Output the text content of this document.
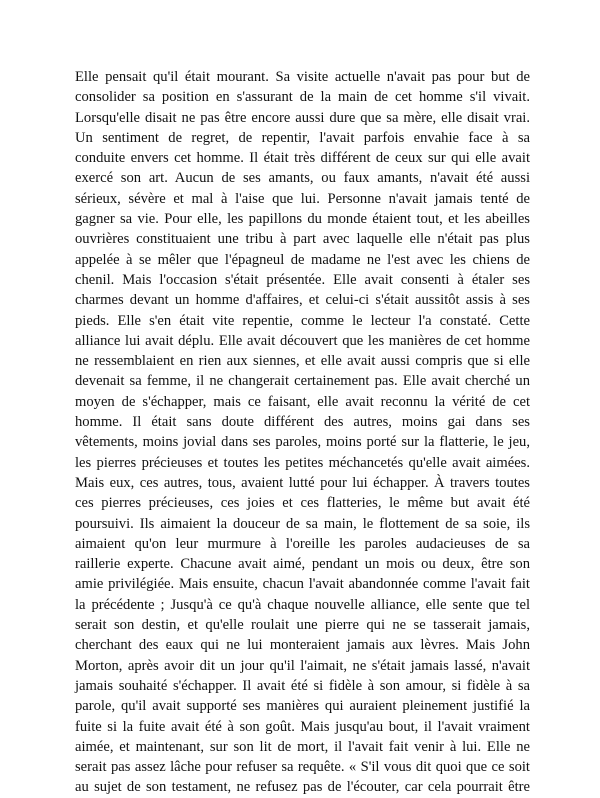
Elle pensait qu'il était mourant. Sa visite actuelle n'avait pas pour but de
consolider sa position en s'assurant de la main de cet homme s'il vivait.
Lorsqu'elle disait ne pas être encore aussi dure que sa mère, elle disait vrai.
Un sentiment de regret, de repentir, l'avait parfois envahie face à sa
conduite envers cet homme. Il était très différent de ceux sur qui elle avait
exercé son art. Aucun de ses amants, ou faux amants, n'avait été aussi
sérieux, sévère et mal à l'aise que lui. Personne n'avait jamais tenté de
gagner sa vie. Pour elle, les papillons du monde étaient tout, et les abeilles
ouvrières constituaient une tribu à part avec laquelle elle n'était pas plus
appelée à se mêler que l'épagneul de madame ne l'est avec les chiens de
chenil. Mais l'occasion s'était présentée. Elle avait consenti à étaler ses
charmes devant un homme d'affaires, et celui-ci s'était aussitôt assis à ses
pieds. Elle s'en était vite repentie, comme le lecteur l'a constaté. Cette
alliance lui avait déplu. Elle avait découvert que les manières de cet homme
ne ressemblaient en rien aux siennes, et elle avait aussi compris que si elle
devenait sa femme, il ne changerait certainement pas. Elle avait cherché un
moyen de s'échapper, mais ce faisant, elle avait reconnu la vérité de cet
homme. Il était sans doute différent des autres, moins gai dans ses
vêtements, moins jovial dans ses paroles, moins porté sur la flatterie, le jeu,
les pierres précieuses et toutes les petites méchancetés qu'elle avait aimées.
Mais eux, ces autres, tous, avaient lutté pour lui échapper. À travers toutes
ces pierres précieuses, ces joies et ces flatteries, le même but avait été
poursuivi. Ils aimaient la douceur de sa main, le flottement de sa soie, ils
aimaient qu'on leur murmure à l'oreille les paroles audacieuses de sa
raillerie experte. Chacune avait aimé, pendant un mois ou deux, être son
amie privilégiée. Mais ensuite, chacun l'avait abandonnée comme l'avait fait
la précédente ; Jusqu'à ce qu'à chaque nouvelle alliance, elle sente que tel
serait son destin, et qu'elle roulait une pierre qui ne se tasserait jamais,
cherchant des eaux qui ne lui monteraient jamais aux lèvres. Mais John
Morton, après avoir dit un jour qu'il l'aimait, ne s'était jamais lassé, n'avait
jamais souhaité s'échapper. Il avait été si fidèle à son amour, si fidèle à sa
parole, qu'il avait supporté ses manières qui auraient pleinement justifié la
fuite si la fuite avait été à son goût. Mais jusqu'au bout, il l'avait vraiment
aimée, et maintenant, sur son lit de mort, il l'avait fait venir à lui. Elle ne
serait pas assez lâche pour refuser sa requête. « S'il vous dit quoi que ce soit
au sujet de son testament, ne refusez pas de l'écouter, car cela pourrait être
